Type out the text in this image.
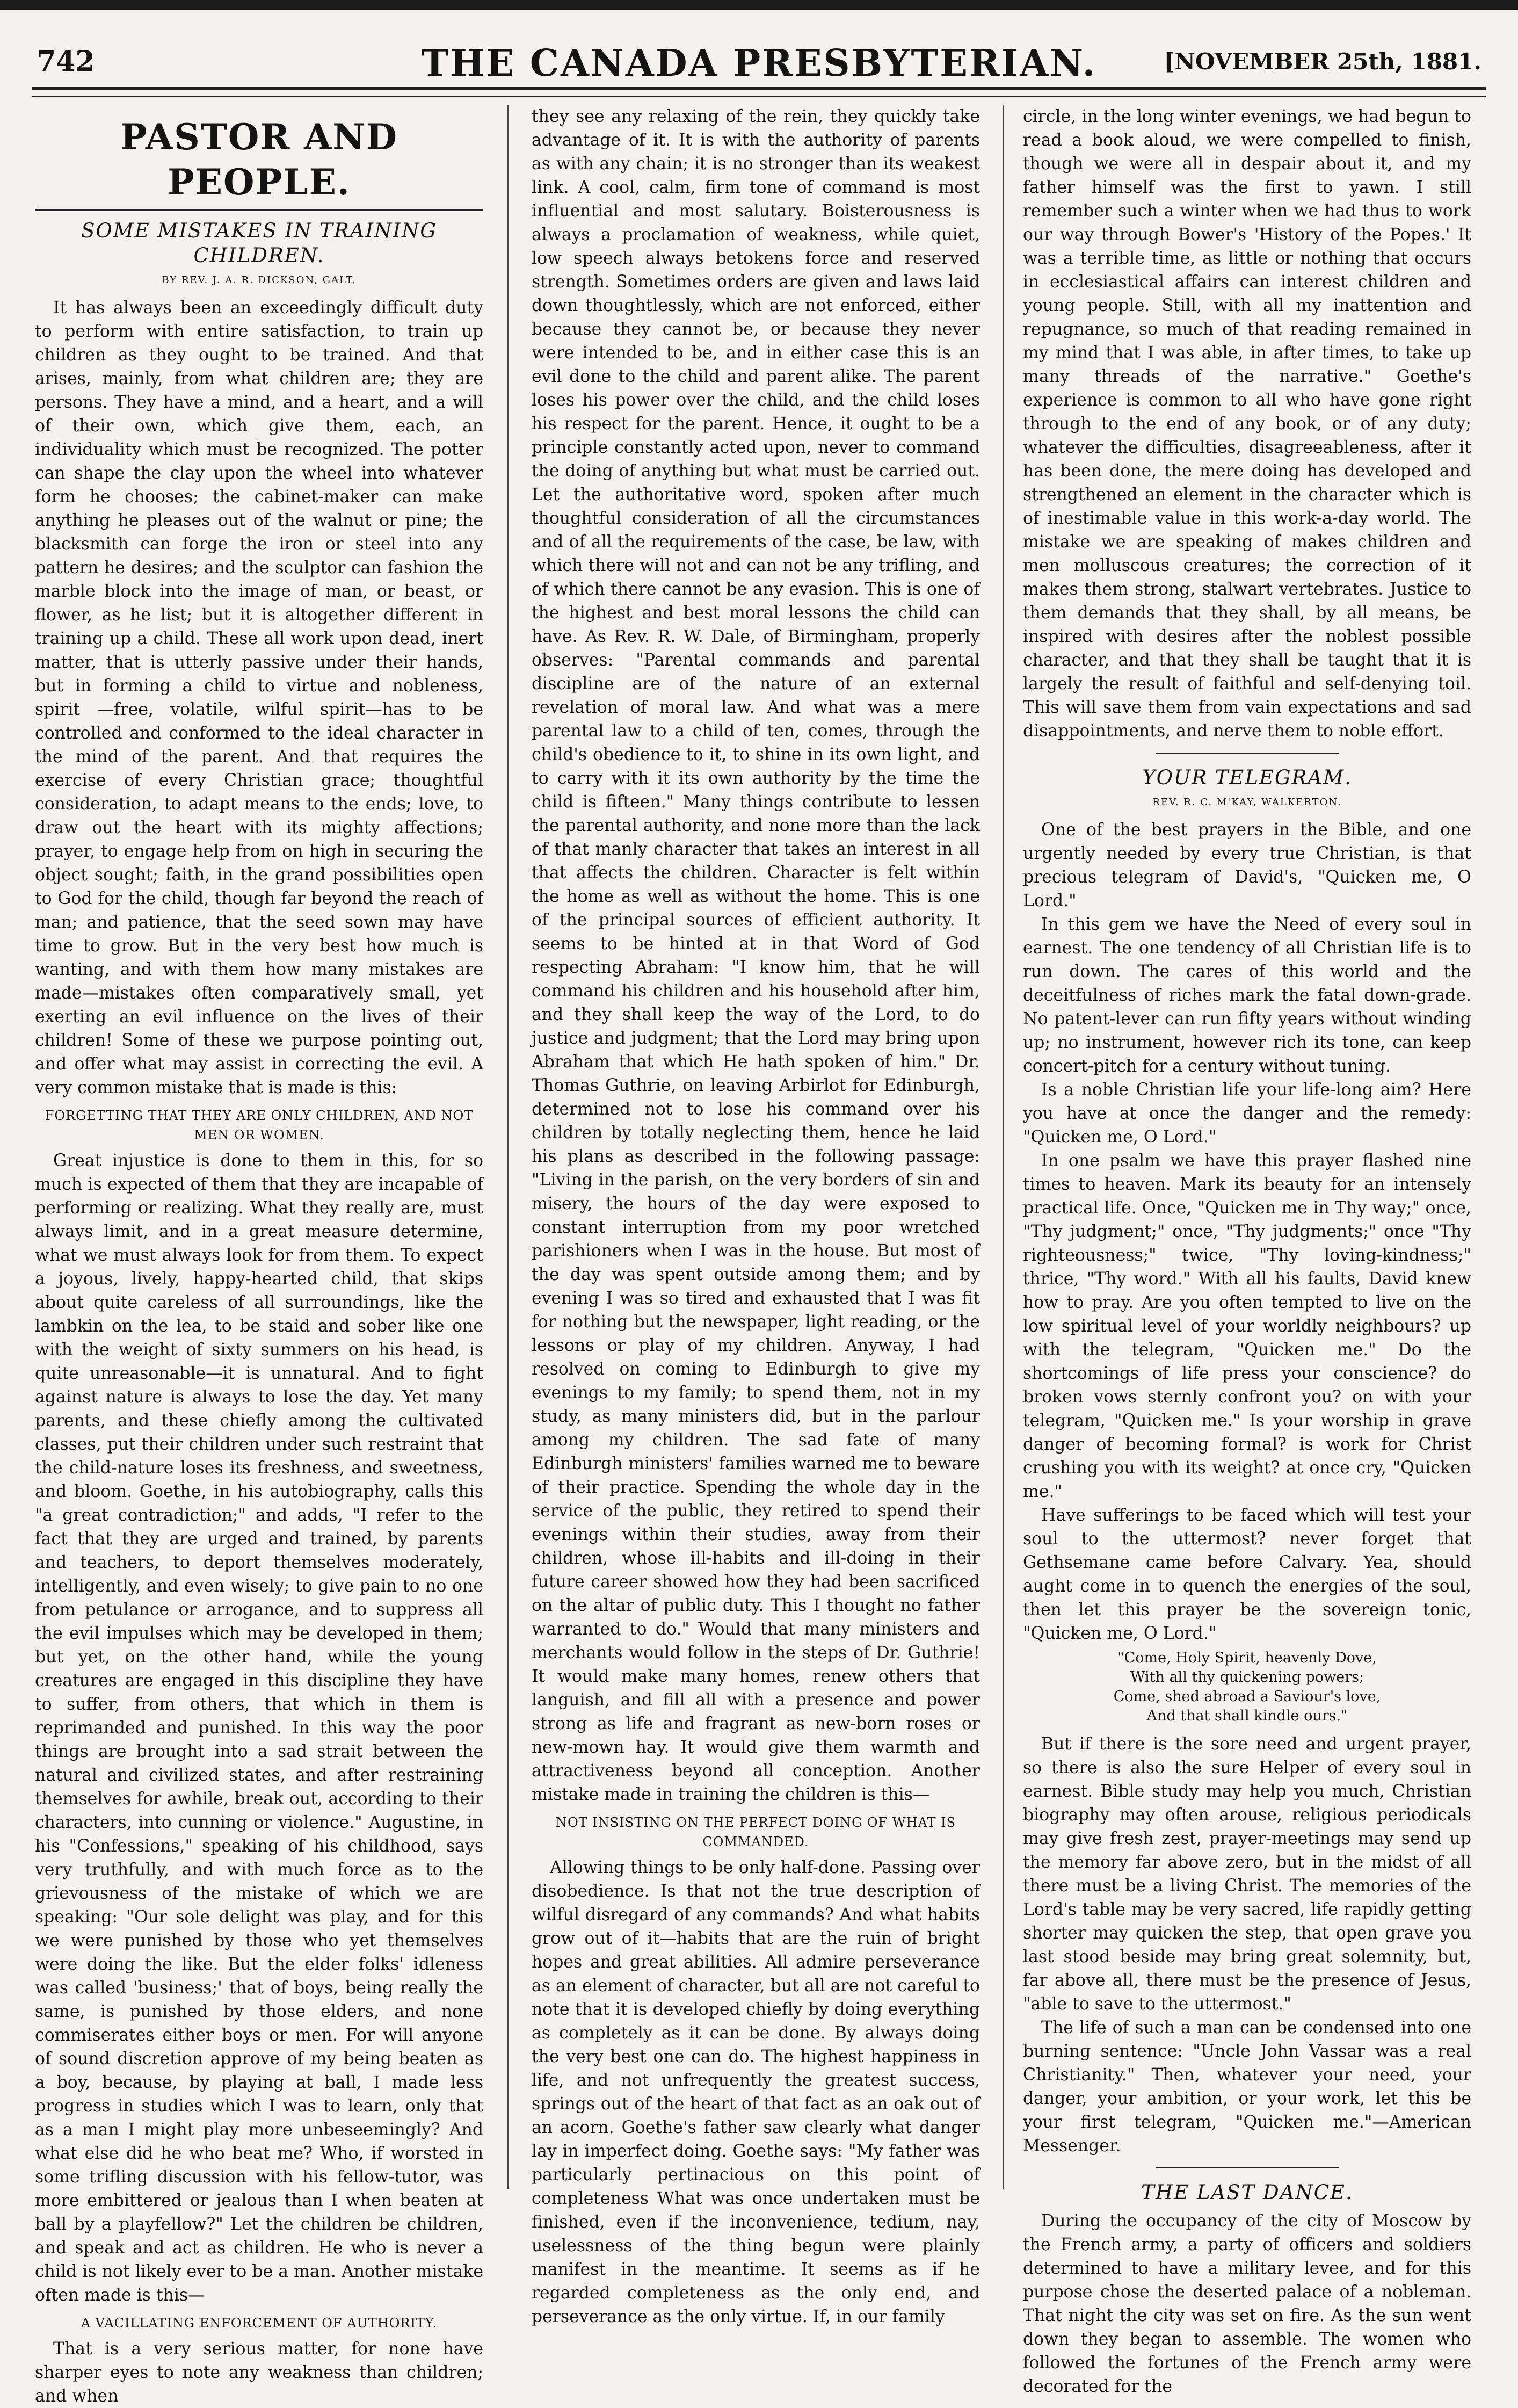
742	THE CANADA PRESBYTERIAN.	[NOVEMBER 25th, 1881.
PASTOR AND PEOPLE.
SOME MISTAKES IN TRAINING CHILDREN.
BY REV. J. A. R. DICKSON, GALT.

It has always been an exceedingly difficult duty to perform with entire satisfaction, to train up children as they ought to be trained. And that arises, mainly, from what children are; they are persons. They have a mind, and a heart, and a will of their own, which give them, each, an individuality which must be recognized. The potter can shape the clay upon the wheel into whatever form he chooses; the cabinet-maker can make anything he pleases out of the walnut or pine; the blacksmith can forge the iron or steel into any pattern he desires; and the sculptor can fashion the marble block into the image of man, or beast, or flower, as he list; but it is altogether different in training up a child. These all work upon dead, inert matter, that is utterly passive under their hands, but in forming a child to virtue and nobleness, spirit —free, volatile, wilful spirit—has to be controlled and conformed to the ideal character in the mind of the parent. And that requires the exercise of every Christian grace; thoughtful consideration, to adapt means to the ends; love, to draw out the heart with its mighty affections; prayer, to engage help from on high in securing the object sought; faith, in the grand possibilities open to God for the child, though far beyond the reach of man; and patience, that the seed sown may have time to grow. But in the very best how much is wanting, and with them how many mistakes are made—mistakes often comparatively small, yet exerting an evil influence on the lives of their children! Some of these we purpose pointing out, and offer what may assist in correcting the evil. A very common mistake that is made is this:

FORGETTING THAT THEY ARE ONLY CHILDREN, AND NOT MEN OR WOMEN.

Great injustice is done to them in this, for so much is expected of them that they are incapable of performing or realizing. What they really are, must always limit, and in a great measure determine, what we must always look for from them. To expect a joyous, lively, happy-hearted child, that skips about quite careless of all surroundings, like the lambkin on the lea, to be staid and sober like one with the weight of sixty summers on his head, is quite unreasonable—it is unnatural. And to fight against nature is always to lose the day. Yet many parents, and these chiefly among the cultivated classes, put their children under such restraint that the child-nature loses its freshness, and sweetness, and bloom. Goethe, in his autobiography, calls this "a great contradiction;" and adds, "I refer to the fact that they are urged and trained, by parents and teachers, to deport themselves moderately, intelligently, and even wisely; to give pain to no one from petulance or arrogance, and to suppress all the evil impulses which may be developed in them; but yet, on the other hand, while the young creatures are engaged in this discipline they have to suffer, from others, that which in them is reprimanded and punished. In this way the poor things are brought into a sad strait between the natural and civilized states, and after restraining themselves for awhile, break out, according to their characters, into cunning or violence." Augustine, in his "Confessions," speaking of his childhood, says very truthfully, and with much force as to the grievousness of the mistake of which we are speaking: "Our sole delight was play, and for this we were punished by those who yet themselves were doing the like. But the elder folks' idleness was called 'business;' that of boys, being really the same, is punished by those elders, and none commiserates either boys or men. For will anyone of sound discretion approve of my being beaten as a boy, because, by playing at ball, I made less progress in studies which I was to learn, only that as a man I might play more unbeseemingly? And what else did he who beat me? Who, if worsted in some trifling discussion with his fellow-tutor, was more embittered or jealous than I when beaten at ball by a playfellow?" Let the children be children, and speak and act as children. He who is never a child is not likely ever to be a man. Another mistake often made is this—

A VACILLATING ENFORCEMENT OF AUTHORITY.

That is a very serious matter, for none have sharper eyes to note any weakness than children; and when

they see any relaxing of the rein, they quickly take advantage of it. It is with the authority of parents as with any chain; it is no stronger than its weakest link. A cool, calm, firm tone of command is most influential and most salutary. Boisterousness is always a proclamation of weakness, while quiet, low speech always betokens force and reserved strength. Sometimes orders are given and laws laid down thoughtlessly, which are not enforced, either because they cannot be, or because they never were intended to be, and in either case this is an evil done to the child and parent alike. The parent loses his power over the child, and the child loses his respect for the parent. Hence, it ought to be a principle constantly acted upon, never to command the doing of anything but what must be carried out. Let the authoritative word, spoken after much thoughtful consideration of all the circumstances and of all the requirements of the case, be law, with which there will not and can not be any trifling, and of which there cannot be any evasion. This is one of the highest and best moral lessons the child can have. As Rev. R. W. Dale, of Birmingham, properly observes: "Parental commands and parental discipline are of the nature of an external revelation of moral law. And what was a mere parental law to a child of ten, comes, through the child's obedience to it, to shine in its own light, and to carry with it its own authority by the time the child is fifteen." Many things contribute to lessen the parental authority, and none more than the lack of that manly character that takes an interest in all that affects the children. Character is felt within the home as well as without the home. This is one of the principal sources of efficient authority. It seems to be hinted at in that Word of God respecting Abraham: "I know him, that he will command his children and his household after him, and they shall keep the way of the Lord, to do justice and judgment; that the Lord may bring upon Abraham that which He hath spoken of him." Dr. Thomas Guthrie, on leaving Arbirlot for Edinburgh, determined not to lose his command over his children by totally neglecting them, hence he laid his plans as described in the following passage: "Living in the parish, on the very borders of sin and misery, the hours of the day were exposed to constant interruption from my poor wretched parishioners when I was in the house. But most of the day was spent outside among them; and by evening I was so tired and exhausted that I was fit for nothing but the newspaper, light reading, or the lessons or play of my children. Anyway, I had resolved on coming to Edinburgh to give my evenings to my family; to spend them, not in my study, as many ministers did, but in the parlour among my children. The sad fate of many Edinburgh ministers' families warned me to beware of their practice. Spending the whole day in the service of the public, they retired to spend their evenings within their studies, away from their children, whose ill-habits and ill-doing in their future career showed how they had been sacrificed on the altar of public duty. This I thought no father warranted to do." Would that many ministers and merchants would follow in the steps of Dr. Guthrie! It would make many homes, renew others that languish, and fill all with a presence and power strong as life and fragrant as new-born roses or new-mown hay. It would give them warmth and attractiveness beyond all conception. Another mistake made in training the children is this—

NOT INSISTING ON THE PERFECT DOING OF WHAT IS COMMANDED.

Allowing things to be only half-done. Passing over disobedience. Is that not the true description of wilful disregard of any commands? And what habits grow out of it—habits that are the ruin of bright hopes and great abilities. All admire perseverance as an element of character, but all are not careful to note that it is developed chiefly by doing everything as completely as it can be done. By always doing the very best one can do. The highest happiness in life, and not unfrequently the greatest success, springs out of the heart of that fact as an oak out of an acorn. Goethe's father saw clearly what danger lay in imperfect doing. Goethe says: "My father was particularly pertinacious on this point of completeness What was once undertaken must be finished, even if the inconvenience, tedium, nay, uselessness of the thing begun were plainly manifest in the meantime. It seems as if he regarded completeness as the only end, and perseverance as the only virtue. If, in our family

circle, in the long winter evenings, we had begun to read a book aloud, we were compelled to finish, though we were all in despair about it, and my father himself was the first to yawn. I still remember such a winter when we had thus to work our way through Bower's 'History of the Popes.' It was a terrible time, as little or nothing that occurs in ecclesiastical affairs can interest children and young people. Still, with all my inattention and repugnance, so much of that reading remained in my mind that I was able, in after times, to take up many threads of the narrative." Goethe's experience is common to all who have gone right through to the end of any book, or of any duty; whatever the difficulties, disagreeableness, after it has been done, the mere doing has developed and strengthened an element in the character which is of inestimable value in this work-a-day world. The mistake we are speaking of makes children and men molluscous creatures; the correction of it makes them strong, stalwart vertebrates. Justice to them demands that they shall, by all means, be inspired with desires after the noblest possible character, and that they shall be taught that it is largely the result of faithful and self-denying toil. This will save them from vain expectations and sad disappointments, and nerve them to noble effort.

YOUR TELEGRAM.
REV. R. C. M'KAY, WALKERTON.

One of the best prayers in the Bible, and one urgently needed by every true Christian, is that precious telegram of David's, "Quicken me, O Lord."

In this gem we have the Need of every soul in earnest. The one tendency of all Christian life is to run down. The cares of this world and the deceitfulness of riches mark the fatal down-grade. No patent-lever can run fifty years without winding up; no instrument, however rich its tone, can keep concert-pitch for a century without tuning.

Is a noble Christian life your life-long aim? Here you have at once the danger and the remedy: "Quicken me, O Lord."

In one psalm we have this prayer flashed nine times to heaven. Mark its beauty for an intensely practical life. Once, "Quicken me in Thy way;" once, "Thy judgment;" once, "Thy judgments;" once "Thy righteousness;" twice, "Thy loving-kindness;" thrice, "Thy word." With all his faults, David knew how to pray. Are you often tempted to live on the low spiritual level of your worldly neighbours? up with the telegram, "Quicken me." Do the shortcomings of life press your conscience? do broken vows sternly confront you? on with your telegram, "Quicken me." Is your worship in grave danger of becoming formal? is work for Christ crushing you with its weight? at once cry, "Quicken me."

Have sufferings to be faced which will test your soul to the uttermost? never forget that Gethsemane came before Calvary. Yea, should aught come in to quench the energies of the soul, then let this prayer be the sovereign tonic, "Quicken me, O Lord."

"Come, Holy Spirit, heavenly Dove,
With all thy quickening powers;
Come, shed abroad a Saviour's love,
And that shall kindle ours."

But if there is the sore need and urgent prayer, so there is also the sure Helper of every soul in earnest. Bible study may help you much, Christian biography may often arouse, religious periodicals may give fresh zest, prayer-meetings may send up the memory far above zero, but in the midst of all there must be a living Christ. The memories of the Lord's table may be very sacred, life rapidly getting shorter may quicken the step, that open grave you last stood beside may bring great solemnity, but, far above all, there must be the presence of Jesus, "able to save to the uttermost."

The life of such a man can be condensed into one burning sentence: "Uncle John Vassar was a real Christianity." Then, whatever your need, your danger, your ambition, or your work, let this be your first telegram, "Quicken me."—American Messenger.

THE LAST DANCE.

During the occupancy of the city of Moscow by the French army, a party of officers and soldiers determined to have a military levee, and for this purpose chose the deserted palace of a nobleman. That night the city was set on fire. As the sun went down they began to assemble. The women who followed the fortunes of the French army were decorated for the
